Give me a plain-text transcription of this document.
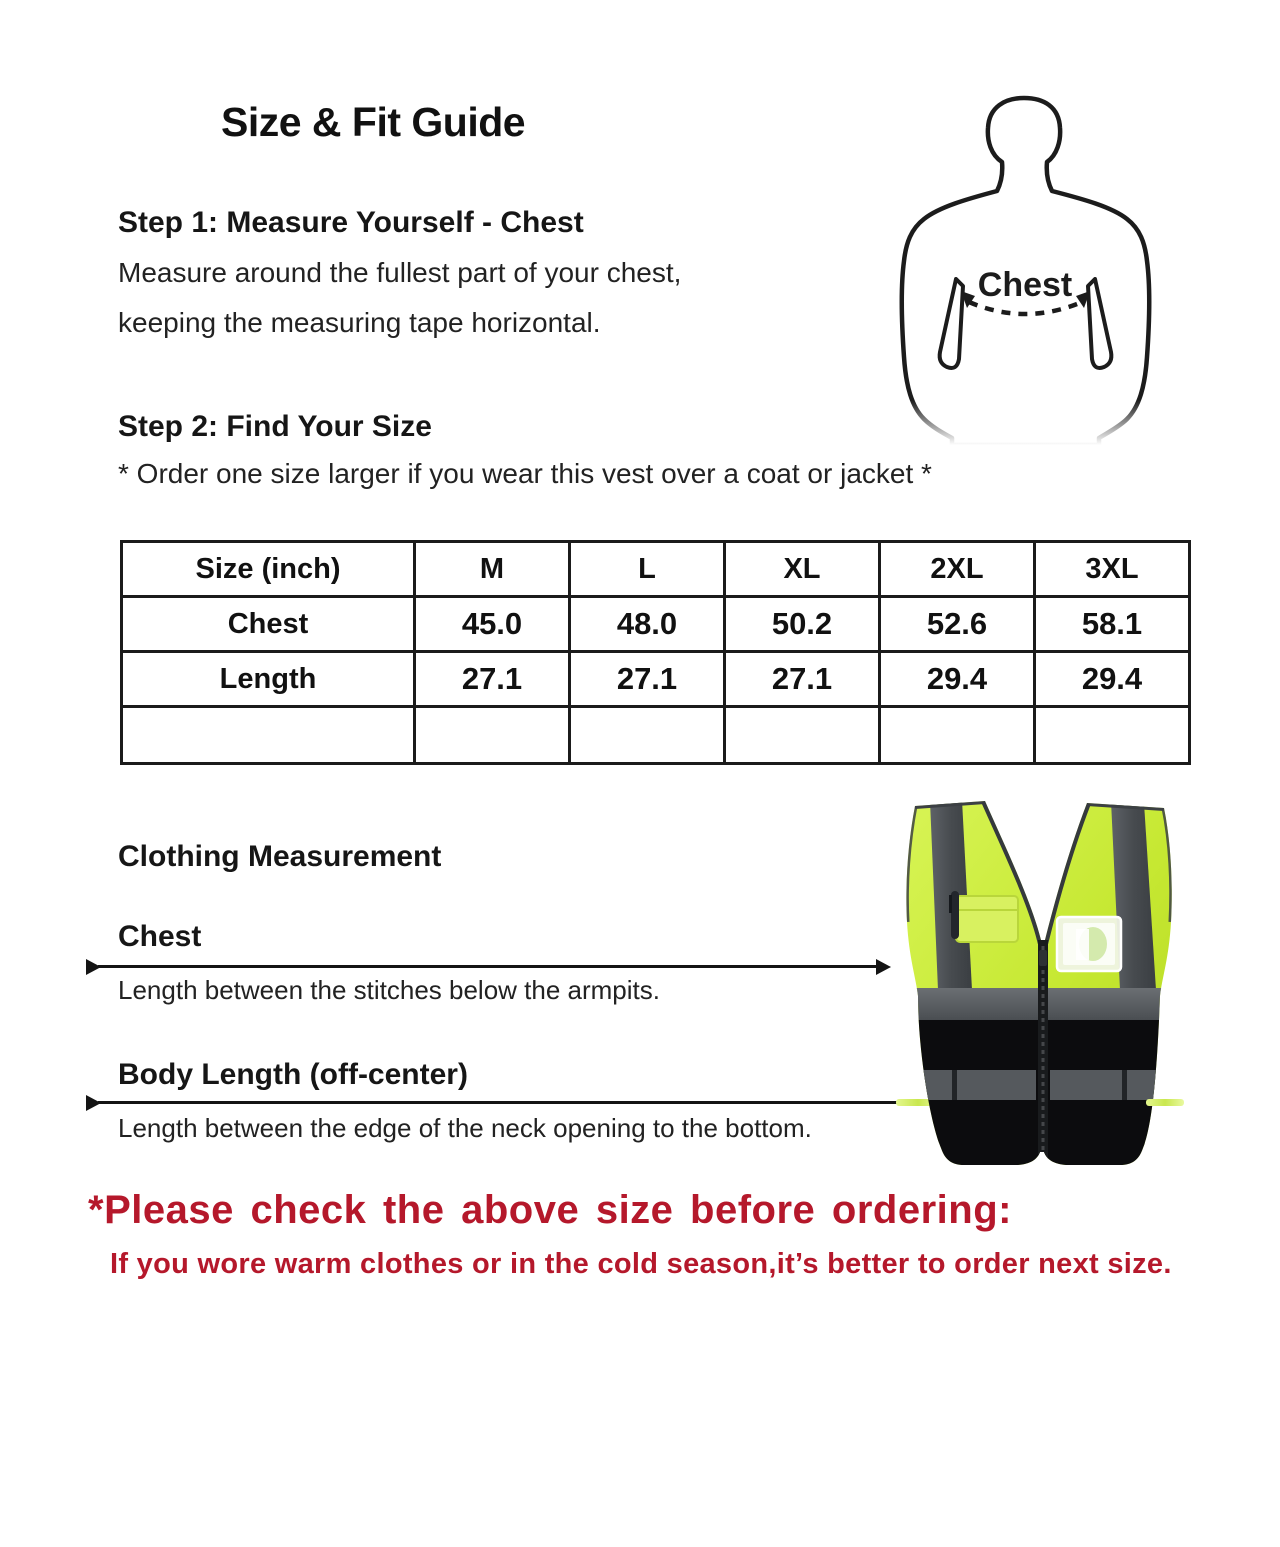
Size & Fit Guide
Step 1: Measure Yourself - Chest
Measure around the fullest part of your chest,
keeping the measuring tape horizontal.
Chest
Step 2: Find Your Size
* Order one size larger if you wear this vest over a coat or jacket *
Size (inch)	M	L	XL	2XL	3XL
Chest	45.0	48.0	50.2	52.6	58.1
Length	27.1	27.1	27.1	29.4	29.4

Clothing Measurement
Chest
Length between the stitches below the armpits.
Body Length (off-center)
Length between the edge of the neck opening to the bottom.
*Please check the above size before ordering:
If you wore warm clothes or in the cold season,it’s better to order next size.
